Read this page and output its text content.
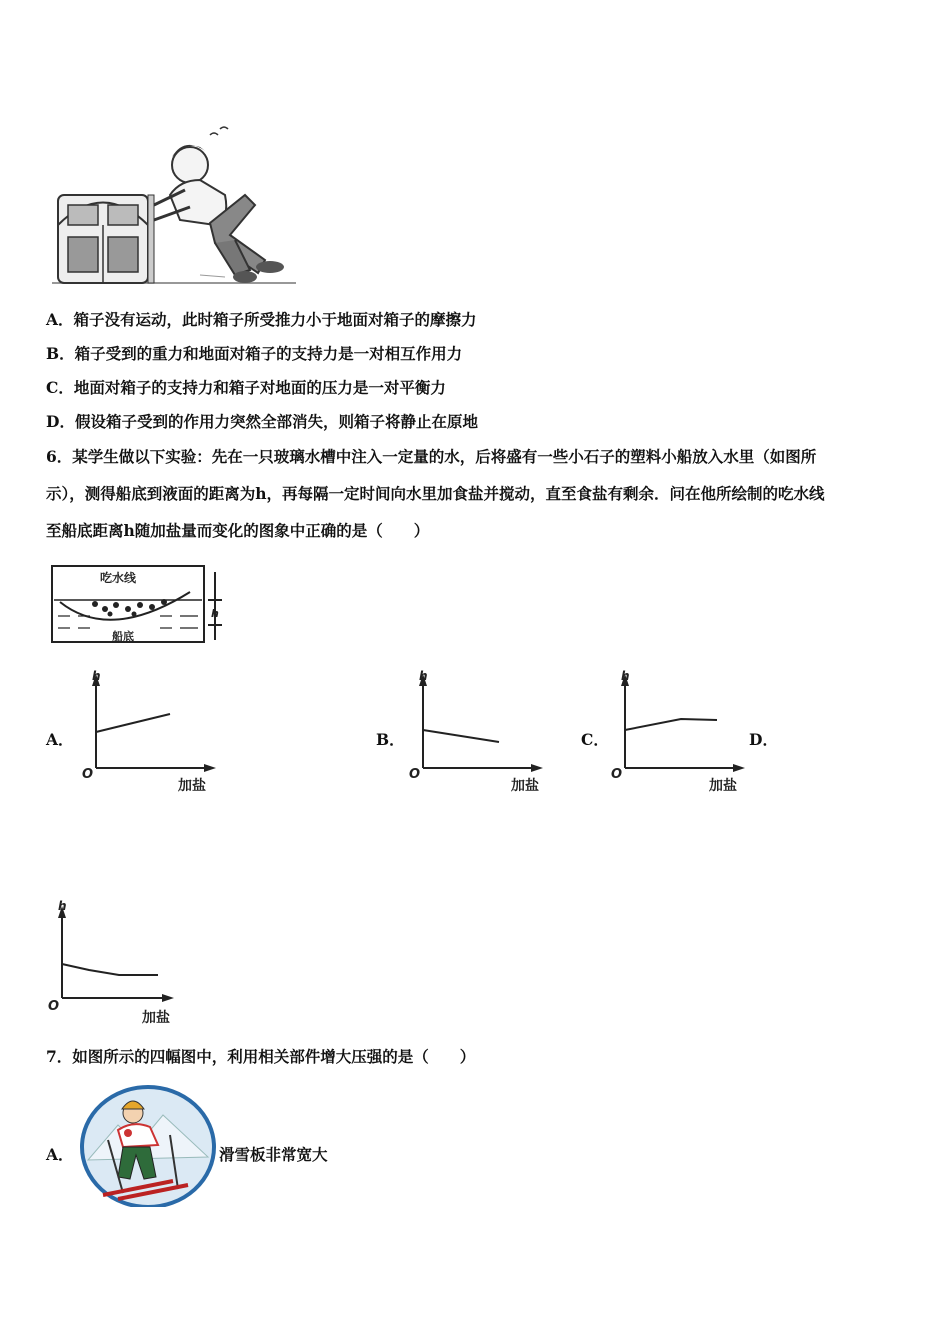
A．箱子没有运动，此时箱子所受推力小于地面对箱子的摩擦力
B．箱子受到的重力和地面对箱子的支持力是一对相互作用力
C．地面对箱子的支持力和箱子对地面的压力是一对平衡力
D．假设箱子受到的作用力突然全部消失，则箱子将静止在原地
6．某学生做以下实验：先在一只玻璃水槽中注入一定量的水，后将盛有一些小石子的塑料小船放入水里（如图所
示），测得船底到液面的距离为h，再每隔一定时间向水里加食盐并搅动，直至食盐有剩余．问在他所绘制的吃水线
至船底距离h随加盐量而变化的图象中正确的是（　　）
吃水线
h
船底
A．
h
O
加盐
B．
h
O
加盐
C．
h
O
加盐
D．
h
O
加盐
7．如图所示的四幅图中，利用相关部件增大压强的是（　　）
A．	滑雪板非常宽大
